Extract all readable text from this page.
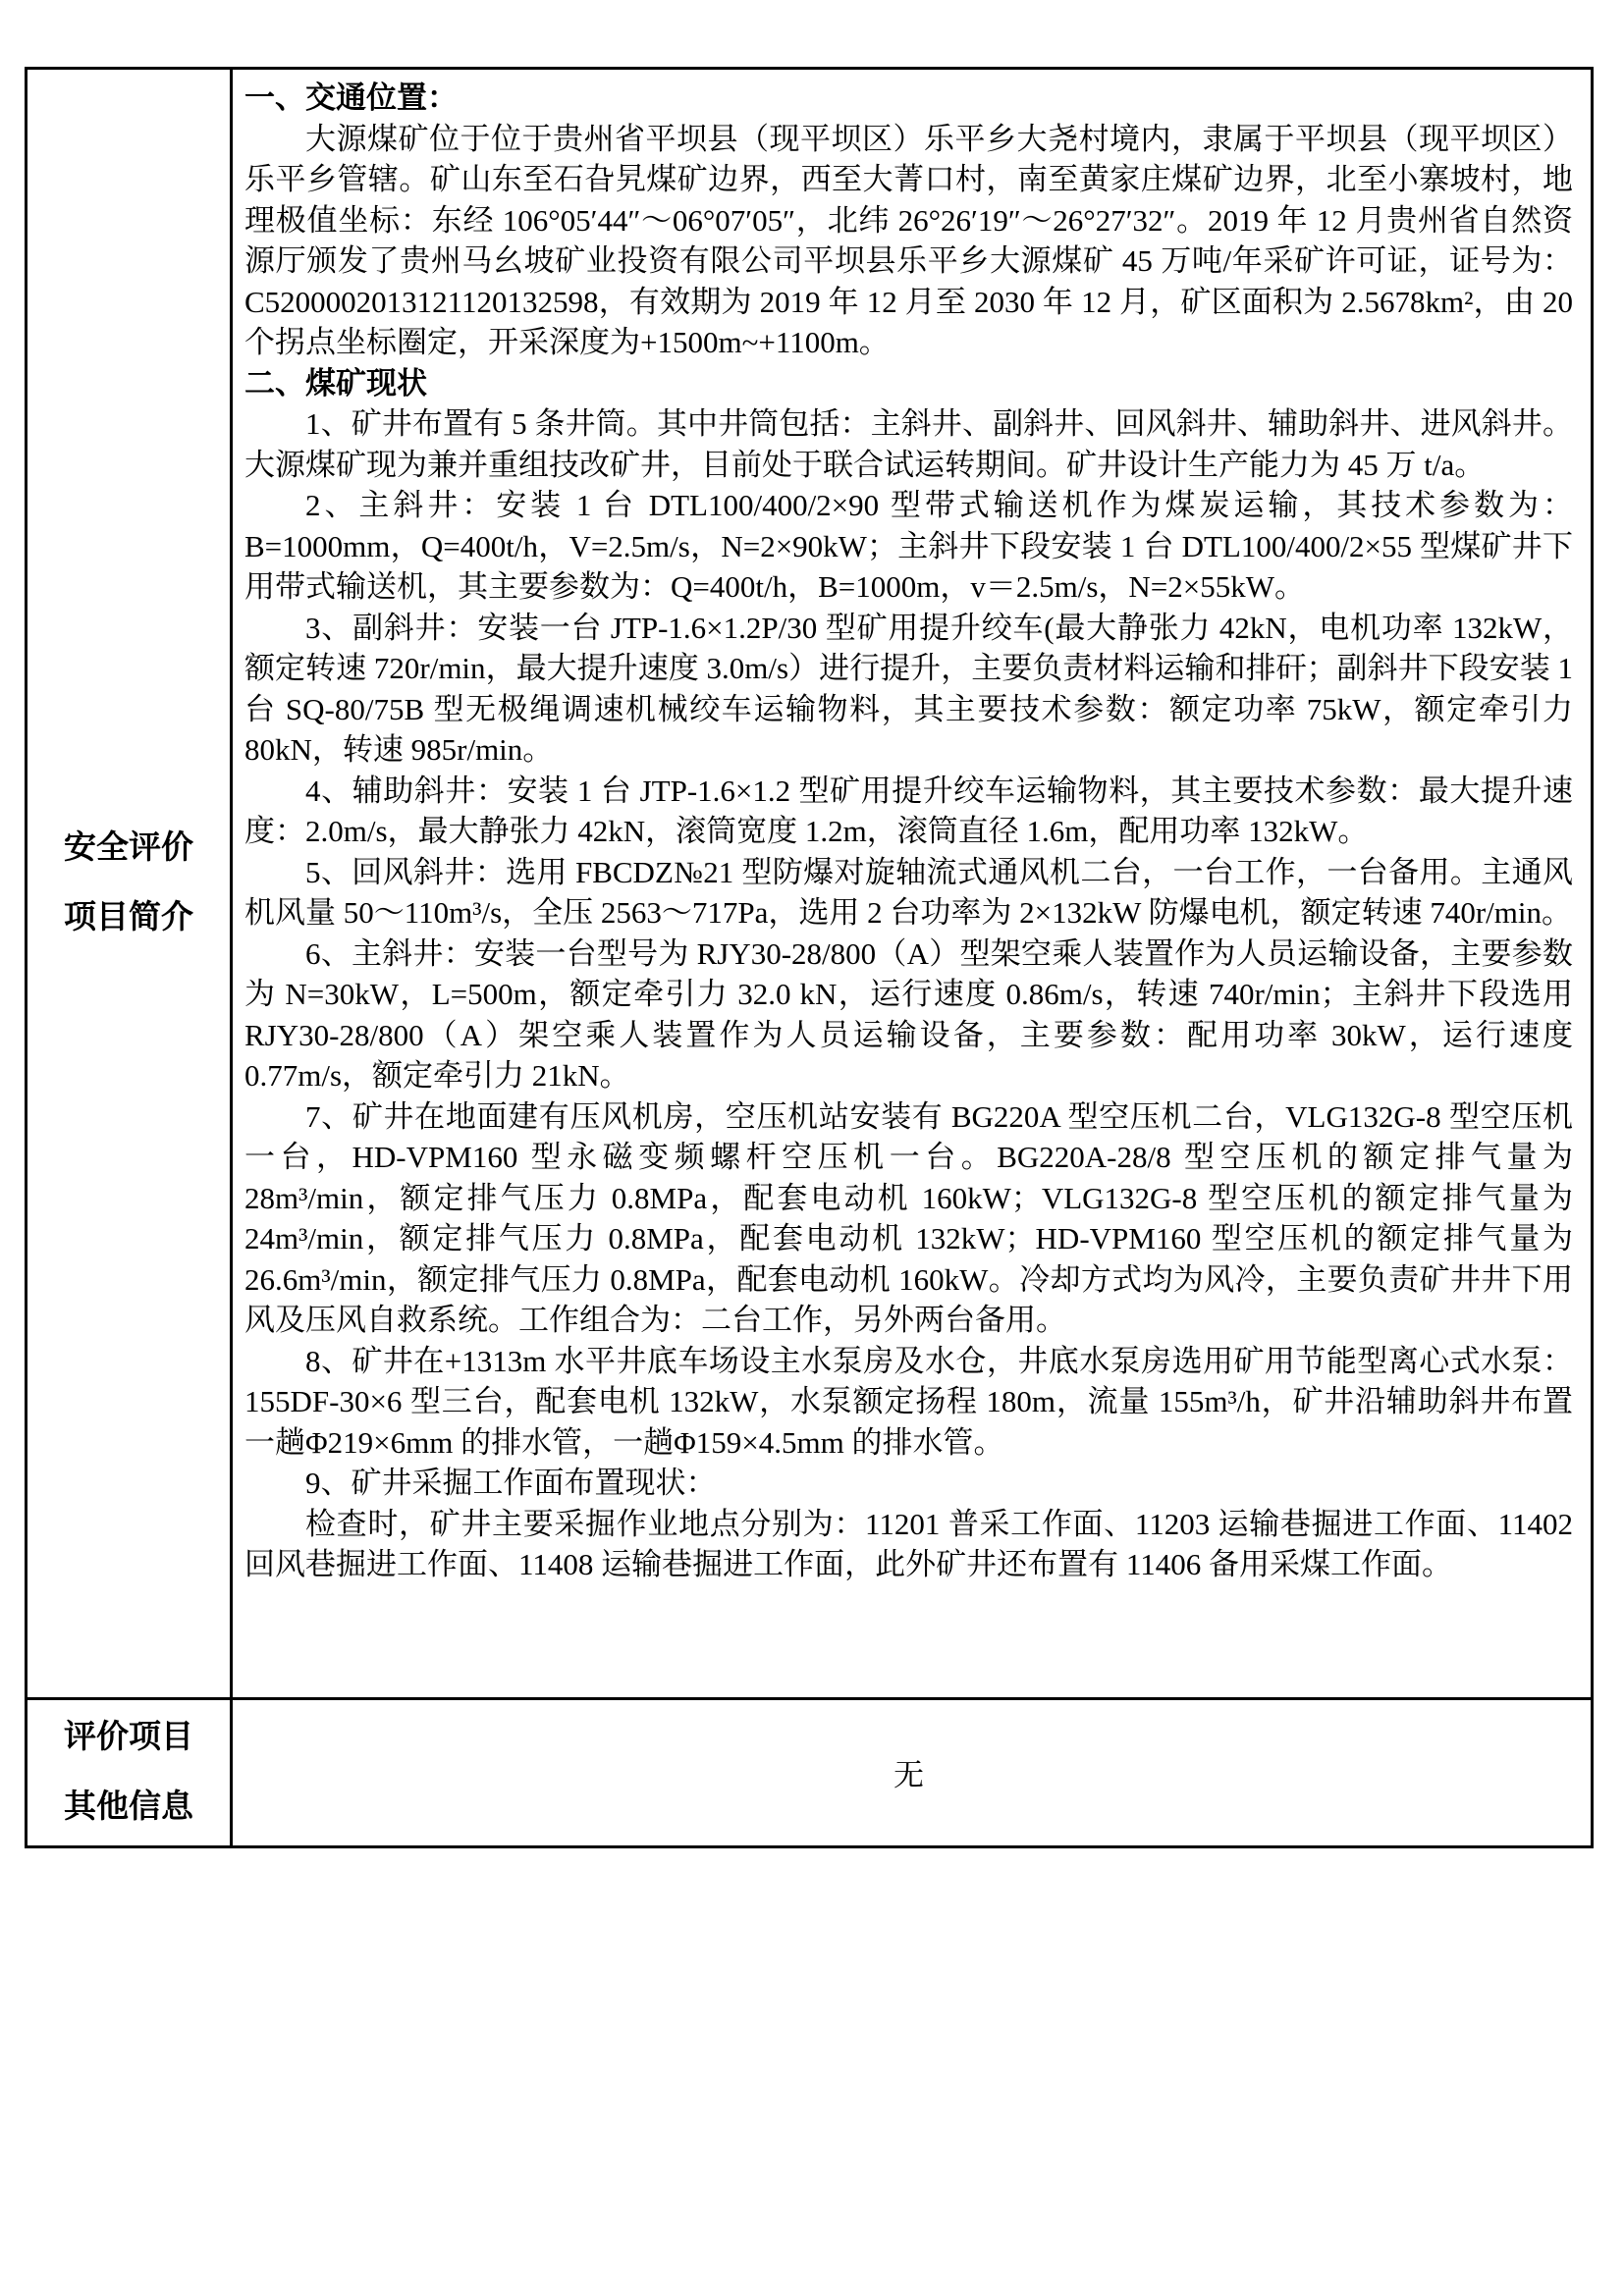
安全评价
项目简介

一、交通位置：

大源煤矿位于位于贵州省平坝县（现平坝区）乐平乡大尧村境内，隶属于平坝县（现平坝区）乐平乡管辖。矿山东至石旮旯煤矿边界，西至大菁口村，南至黄家庄煤矿边界，北至小寨坡村，地理极值坐标：东经 106°05′44″～06°07′05″，北纬 26°26′19″～26°27′32″。2019 年 12 月贵州省自然资源厅颁发了贵州马幺坡矿业投资有限公司平坝县乐平乡大源煤矿 45 万吨/年采矿许可证，证号为：C5200002013121120132598，有效期为 2019 年 12 月至 2030 年 12 月，矿区面积为 2.5678km²，由 20 个拐点坐标圈定，开采深度为+1500m~+1100m。

二、煤矿现状

1、矿井布置有 5 条井筒。其中井筒包括：主斜井、副斜井、回风斜井、辅助斜井、进风斜井。大源煤矿现为兼并重组技改矿井，目前处于联合试运转期间。矿井设计生产能力为 45 万 t/a。

2、主斜井：安装 1 台 DTL100/400/2×90 型带式输送机作为煤炭运输，其技术参数为：B=1000mm，Q=400t/h，V=2.5m/s，N=2×90kW；主斜井下段安装 1 台 DTL100/400/2×55 型煤矿井下用带式输送机，其主要参数为：Q=400t/h，B=1000m，v＝2.5m/s，N=2×55kW。

3、副斜井：安装一台 JTP-1.6×1.2P/30 型矿用提升绞车(最大静张力 42kN，电机功率 132kW，额定转速 720r/min，最大提升速度 3.0m/s）进行提升，主要负责材料运输和排矸；副斜井下段安装 1 台 SQ-80/75B 型无极绳调速机械绞车运输物料，其主要技术参数：额定功率 75kW，额定牵引力 80kN，转速 985r/min。

4、辅助斜井：安装 1 台 JTP-1.6×1.2 型矿用提升绞车运输物料，其主要技术参数：最大提升速度：2.0m/s，最大静张力 42kN，滚筒宽度 1.2m，滚筒直径 1.6m，配用功率 132kW。

5、回风斜井：选用 FBCDZ№21 型防爆对旋轴流式通风机二台，一台工作，一台备用。主通风机风量 50～110m³/s，全压 2563～717Pa，选用 2 台功率为 2×132kW 防爆电机，额定转速 740r/min。

6、主斜井：安装一台型号为 RJY30-28/800（A）型架空乘人装置作为人员运输设备，主要参数为 N=30kW，L=500m，额定牵引力 32.0 kN，运行速度 0.86m/s，转速 740r/min；主斜井下段选用 RJY30-28/800（A）架空乘人装置作为人员运输设备，主要参数：配用功率 30kW，运行速度 0.77m/s，额定牵引力 21kN。

7、矿井在地面建有压风机房，空压机站安装有 BG220A 型空压机二台，VLG132G-8 型空压机一台，HD-VPM160 型永磁变频螺杆空压机一台。BG220A-28/8 型空压机的额定排气量为 28m³/min，额定排气压力 0.8MPa，配套电动机 160kW；VLG132G-8 型空压机的额定排气量为 24m³/min，额定排气压力 0.8MPa，配套电动机 132kW；HD-VPM160 型空压机的额定排气量为 26.6m³/min，额定排气压力 0.8MPa，配套电动机 160kW。冷却方式均为风冷，主要负责矿井井下用风及压风自救系统。工作组合为：二台工作，另外两台备用。

8、矿井在+1313m 水平井底车场设主水泵房及水仓，井底水泵房选用矿用节能型离心式水泵：155DF-30×6 型三台，配套电机 132kW，水泵额定扬程 180m，流量 155m³/h，矿井沿辅助斜井布置一趟Φ219×6mm 的排水管，一趟Φ159×4.5mm 的排水管。

9、矿井采掘工作面布置现状：

检查时，矿井主要采掘作业地点分别为：11201 普采工作面、11203 运输巷掘进工作面、11402 回风巷掘进工作面、11408 运输巷掘进工作面，此外矿井还布置有 11406 备用采煤工作面。

评价项目
其他信息	无
